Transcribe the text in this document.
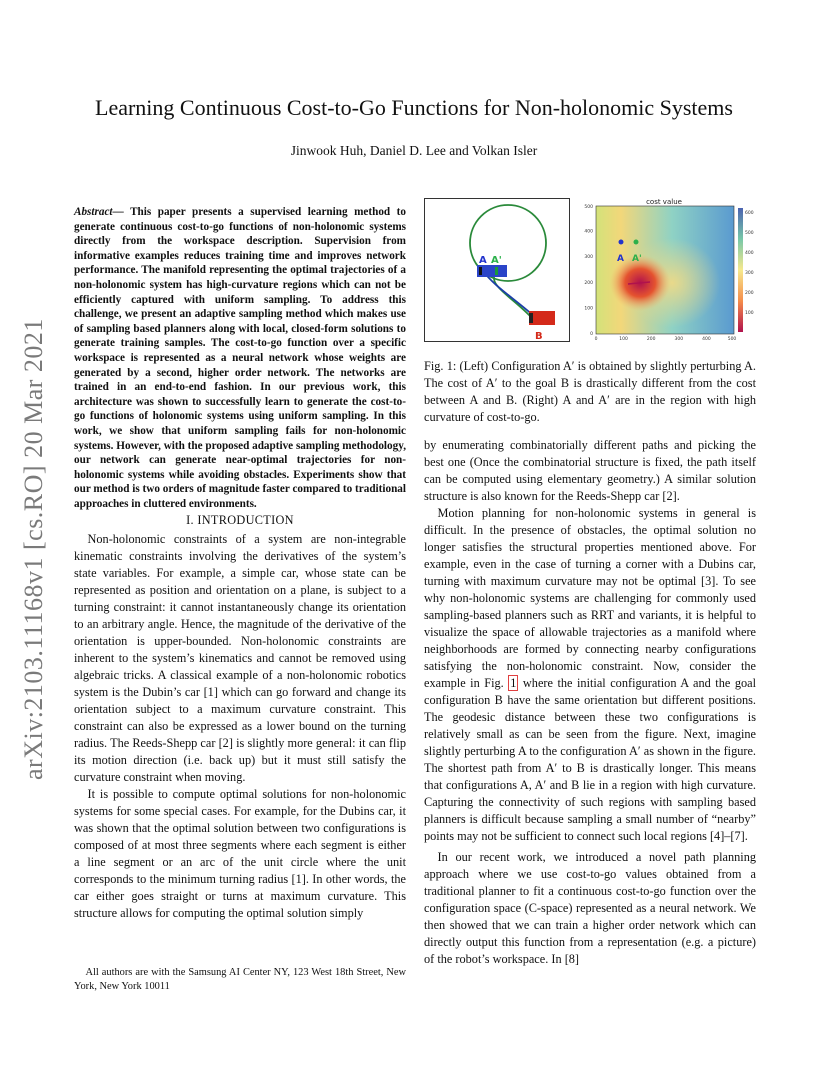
arXiv:2103.11168v1 [cs.RO] 20 Mar 2021
Learning Continuous Cost-to-Go Functions for Non-holonomic Systems
Jinwook Huh, Daniel D. Lee and Volkan Isler
Abstract— This paper presents a supervised learning method to generate continuous cost-to-go functions of non-holonomic systems directly from the workspace description. Supervision from informative examples reduces training time and improves network performance. The manifold representing the optimal trajectories of a non-holonomic system has high-curvature regions which can not be efficiently captured with uniform sampling. To address this challenge, we present an adaptive sampling method which makes use of sampling based planners along with local, closed-form solutions to generate training samples. The cost-to-go function over a specific workspace is represented as a neural network whose weights are generated by a second, higher order network. The networks are trained in an end-to-end fashion. In our previous work, this architecture was shown to successfully learn to generate the cost-to-go functions of holonomic systems using uniform sampling. In this work, we show that uniform sampling fails for non-holonomic systems. However, with the proposed adaptive sampling methodology, our network can generate near-optimal trajectories for non-holonomic systems while avoiding obstacles. Experiments show that our method is two orders of magnitude faster compared to traditional approaches in cluttered environments.
I. INTRODUCTION

Non-holonomic constraints of a system are non-integrable kinematic constraints involving the derivatives of the system’s state variables. For example, a simple car, whose state can be represented as position and orientation on a plane, is subject to a turning constraint: it cannot instantaneously change its orientation to an arbitrary angle. Hence, the magnitude of the derivative of the orientation is upper-bounded. Non-holonomic constraints are inherent to the system’s kinematics and cannot be removed using algebraic tricks. A classical example of a non-holonomic robotics system is the Dubin’s car [1] which can go forward and change its orientation subject to a maximum curvature constraint. This constraint can also be expressed as a lower bound on the turning radius. The Reeds-Shepp car [2] is slightly more general: it can flip its motion direction (i.e. back up) but it must still satisfy the curvature constraint when moving.

It is possible to compute optimal solutions for non-holonomic systems for some special cases. For example, for the Dubins car, it was shown that the optimal solution between two configurations is composed of at most three segments where each segment is either a line segment or an arc of the unit circle where the unit corresponds to the minimum turning radius [1]. In other words, the car either goes straight or turns at maximum curvature. This structure allows for computing the optimal solution simply

All authors are with the Samsung AI Center NY, 123 West 18th Street, New York, New York 10011

A A'
B
cost value
A A'
0	100	200	300	400	500
0
100
200
300
400
500
100
200
300
400
500
600
Fig. 1: (Left) Configuration A′ is obtained by slightly perturbing A. The cost of A′ to the goal B is drastically different from the cost between A and B. (Right) A and A′ are in the region with high curvature of cost-to-go.

by enumerating combinatorially different paths and picking the best one (Once the combinatorial structure is fixed, the path itself can be computed using elementary geometry.) A similar solution structure is also known for the Reeds-Shepp car [2].

Motion planning for non-holonomic systems in general is difficult. In the presence of obstacles, the optimal solution no longer satisfies the structural properties mentioned above. For example, even in the case of turning a corner with a Dubins car, turning with maximum curvature may not be optimal [3]. To see why non-holonomic systems are challenging for commonly used sampling-based planners such as RRT and variants, it is helpful to visualize the space of allowable trajectories as a manifold where neighborhoods are formed by connecting nearby configurations satisfying the non-holonomic constraint. Now, consider the example in Fig. 1 where the initial configuration A and the goal configuration B have the same orientation but different positions. The geodesic distance between these two configurations is relatively small as can be seen from the figure. Next, imagine slightly perturbing A to the configuration A′ as shown in the figure. The shortest path from A′ to B is drastically longer. This means that configurations A, A′ and B lie in a region with high curvature. Capturing the connectivity of such regions with sampling based planners is difficult because sampling a small number of “nearby” points may not be sufficient to connect such local regions [4]–[7].

In our recent work, we introduced a novel path planning approach where we use cost-to-go values obtained from a traditional planner to fit a continuous cost-to-go function over the configuration space (C-space) represented as a neural network. We then showed that we can train a higher order network which can directly output this function from a representation (e.g. a picture) of the robot’s workspace. In [8]
